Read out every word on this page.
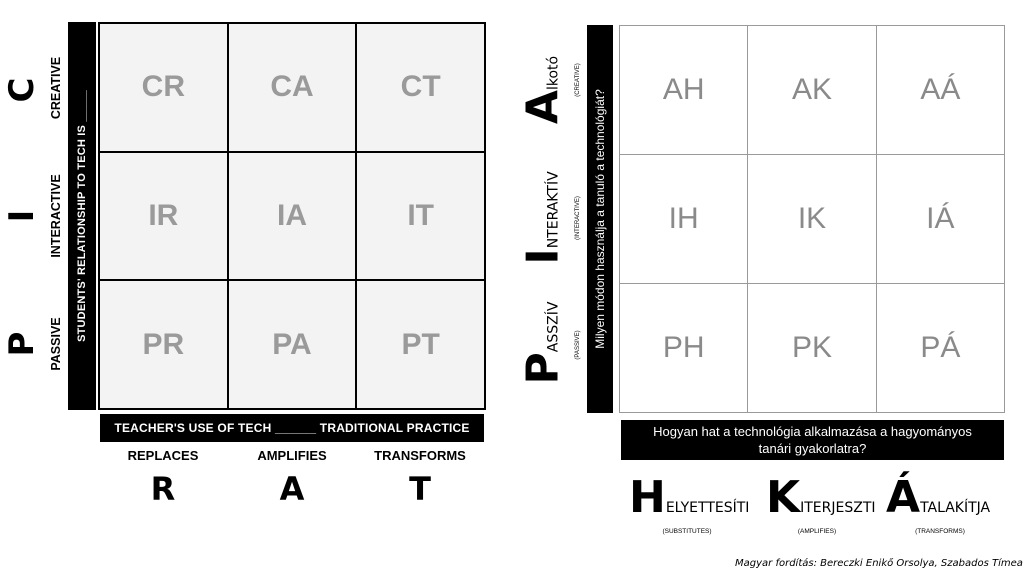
C
I
P
CREATIVE
INTERACTIVE
PASSIVE
STUDENTS' RELATIONSHIP TO TECH IS _____
CR	CA	CT
IR	IA	IT
PR	PA	PT
TEACHER'S USE OF TECH ______ TRADITIONAL PRACTICE
REPLACES	AMPLIFIES	TRANSFORMS
R	A	T
Alkotó	(CREATIVE)
INTERAKTÍV	(INTERACTIVE)
PASSZÍV	(PASSIVE) Milyen módon használja a tanuló a technológiát?	AH	AK	AÁ
IH	IK	IÁ
PH	PK	PÁ
Hogyan hat a technológia alkalmazása a hagyományos
tanári gyakorlatra?
HELYETTESÍTI KITERJESZTI ÁTALAKÍTJA
(SUBSTITUTES)	(AMPLIFIES)	(TRANSFORMS)
Magyar fordítás: Bereczki Enikő Orsolya, Szabados Tímea
